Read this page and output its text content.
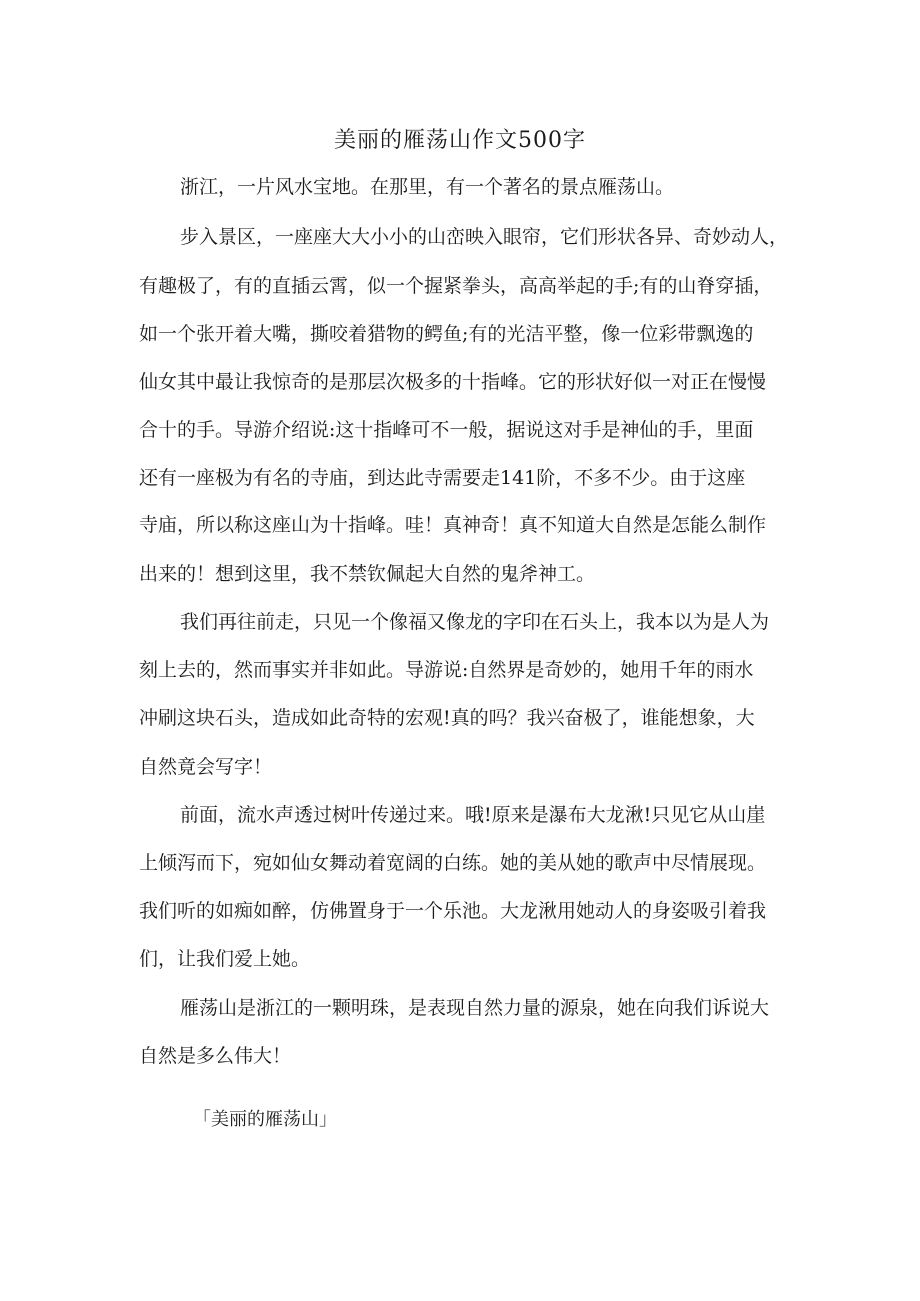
美丽的雁荡山作文500字
浙江，一片风水宝地。在那里，有一个著名的景点雁荡山。
步入景区，一座座大大小小的山峦映入眼帘，它们形状各异、奇妙动人，
有趣极了，有的直插云霄，似一个握紧拳头，高高举起的手;有的山脊穿插，
如一个张开着大嘴，撕咬着猎物的鳄鱼;有的光洁平整，像一位彩带飘逸的
仙女其中最让我惊奇的是那层次极多的十指峰。它的形状好似一对正在慢慢
合十的手。导游介绍说:这十指峰可不一般，据说这对手是神仙的手，里面
还有一座极为有名的寺庙，到达此寺需要走141阶，不多不少。由于这座
寺庙，所以称这座山为十指峰。哇！真神奇！真不知道大自然是怎能么制作
出来的！想到这里，我不禁钦佩起大自然的鬼斧神工。
我们再往前走，只见一个像福又像龙的字印在石头上，我本以为是人为
刻上去的，然而事实并非如此。导游说:自然界是奇妙的，她用千年的雨水
冲刷这块石头，造成如此奇特的宏观!真的吗？我兴奋极了，谁能想象，大
自然竟会写字！
前面，流水声透过树叶传递过来。哦!原来是瀑布大龙湫!只见它从山崖
上倾泻而下，宛如仙女舞动着宽阔的白练。她的美从她的歌声中尽情展现。
我们听的如痴如醉，仿佛置身于一个乐池。大龙湫用她动人的身姿吸引着我
们，让我们爱上她。
雁荡山是浙江的一颗明珠，是表现自然力量的源泉，她在向我们诉说大
自然是多么伟大！
「美丽的雁荡山」
